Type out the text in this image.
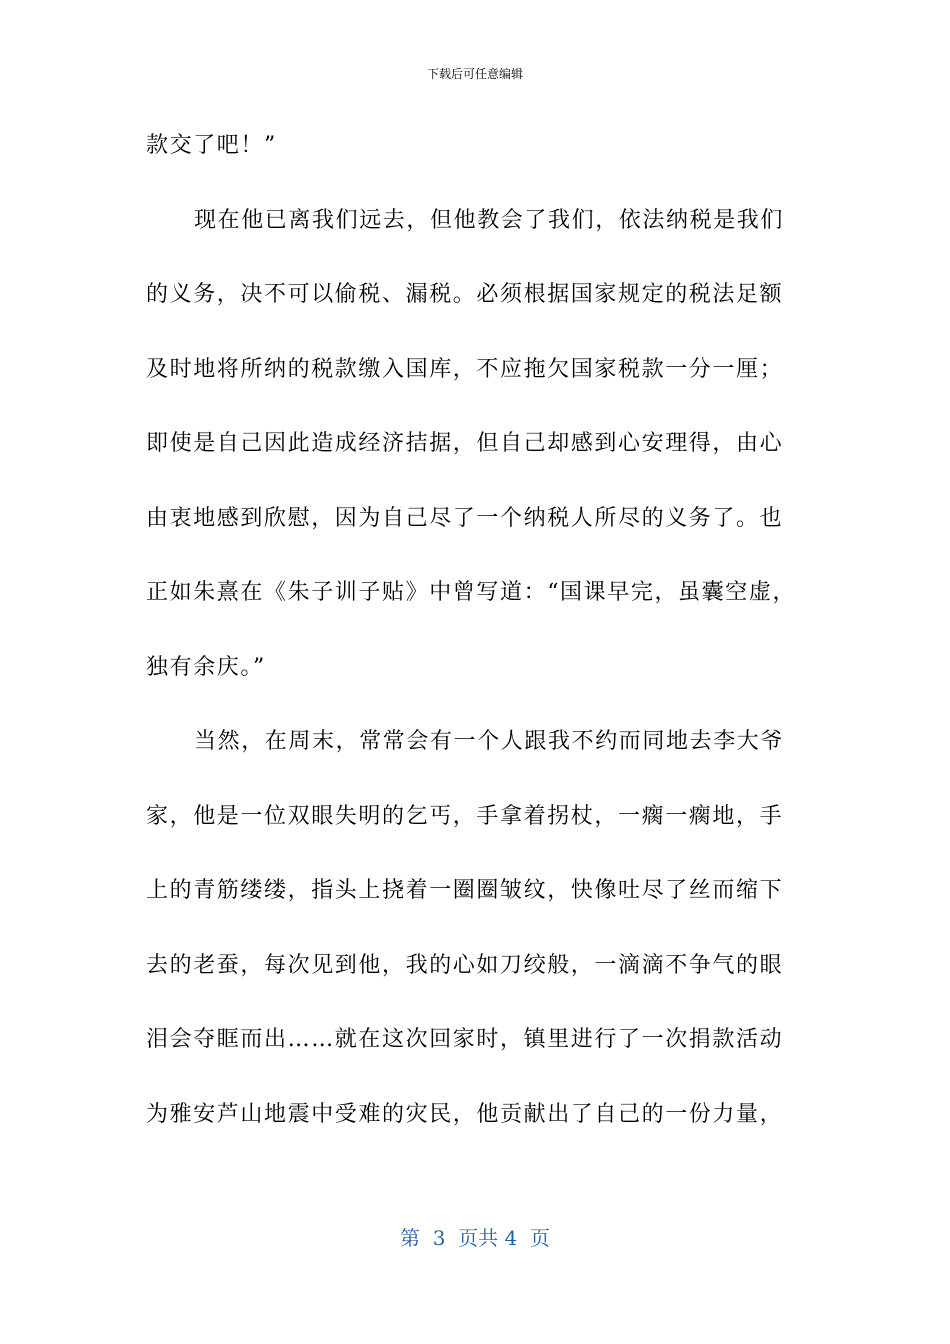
下载后可任意编辑
款交了吧！”
现在他已离我们远去，但他教会了我们，依法纳税是我们
的义务，决不可以偷税、漏税。必须根据国家规定的税法足额
及时地将所纳的税款缴入国库，不应拖欠国家税款一分一厘；
即使是自己因此造成经济拮据，但自己却感到心安理得，由心
由衷地感到欣慰，因为自己尽了一个纳税人所尽的义务了。也
正如朱熹在《朱子训子贴》中曾写道：“国课早完，虽囊空虚，
独有余庆。”
当然，在周末，常常会有一个人跟我不约而同地去李大爷
家，他是一位双眼失明的乞丐，手拿着拐杖，一瘸一瘸地，手
上的青筋缕缕，指头上挠着一圈圈皱纹，快像吐尽了丝而缩下
去的老蚕，每次见到他，我的心如刀绞般，一滴滴不争气的眼
泪会夺眶而出……就在这次回家时，镇里进行了一次捐款活动
为雅安芦山地震中受难的灾民，他贡献出了自己的一份力量，
第  3  页共 4  页
